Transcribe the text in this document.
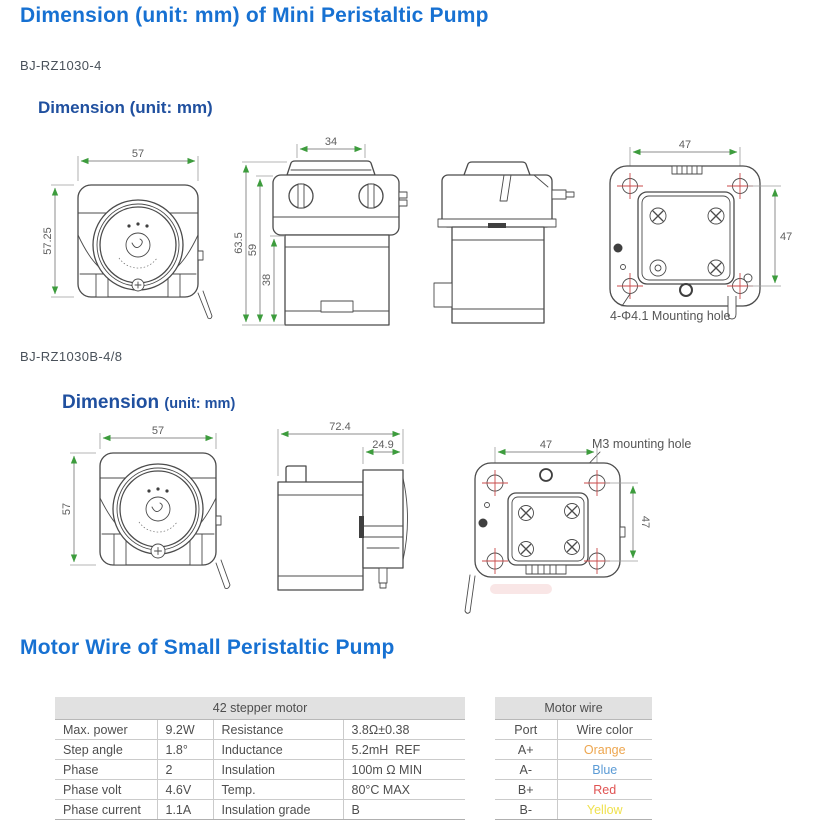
Dimension (unit: mm) of Mini Peristaltic Pump
BJ-RZ1030-4
Dimension (unit: mm)
57
57.25
34
63.5 59
38
47
47
4-Φ4.1 Mounting hole
BJ-RZ1030B-4/8
Dimension (unit: mm)
57
57
72.4
24.9	M3 mounting hole
47
47
Motor Wire of Small Peristaltic Pump
42 stepper motor			
Max. power	9.2W	Resistance	3.8Ω±0.38
Step angle	1.8°	Inductance	5.2mH  REF
Phase	2	Insulation	100m Ω MIN
Phase volt	4.6V	Temp.	80°C MAX
Phase current	1.1A	Insulation grade	B
Motor wire	
Port	Wire color
A+	Orange
A-	Blue
B+	Red
B-	Yellow
